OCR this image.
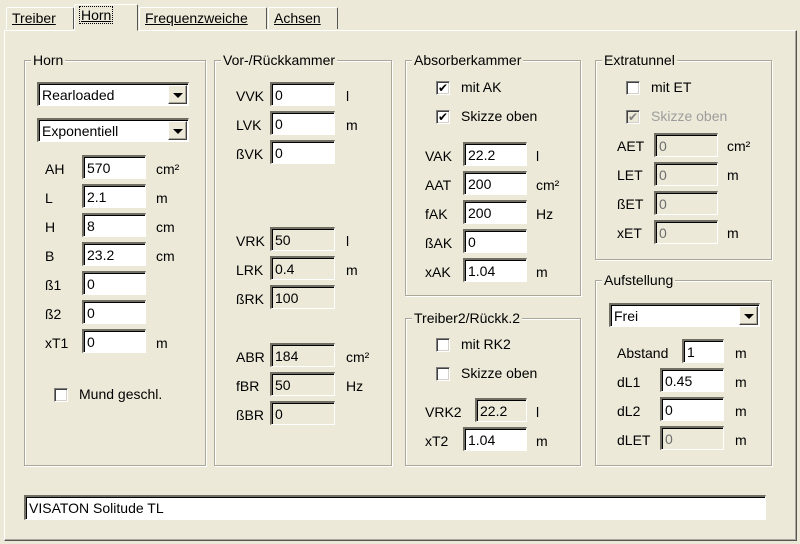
Treiber	Horn	Frequenzweiche	Achsen
Horn
Rearloaded
Exponentiell
AH	570	cm²
L	2.1	m
H	8	cm
B	23.2	cm
ß1	0
ß2	0
xT1	0	m
Mund geschl.
Vor-/Rückkammer
VVK 0	l
LVK 0	m
ßVK 0
VRK 50	l
LRK 0.4	m
ßRK 100
ABR 184	cm²
fBR	50	Hz
ßBR 0
Absorberkammer
✔ mit AK
✔ Skizze oben
VAK	22.2	l
AAT	200	cm²
fAK	200	Hz
ßAK	0
xAK	1.04	m
Treiber2/Rückk.2
mit RK2
Skizze oben
VRK2	22.2	l
xT2	1.04	m
Extratunnel
mit ET
✔ Skizze oben
AET	0	cm²
LET	0	m
ßET	0
xET	0	m
Aufstellung
Frei
Abstand	1	m
dL1	0.45	m
dL2	0	m
dLET	0	m
VISATON Solitude TL
